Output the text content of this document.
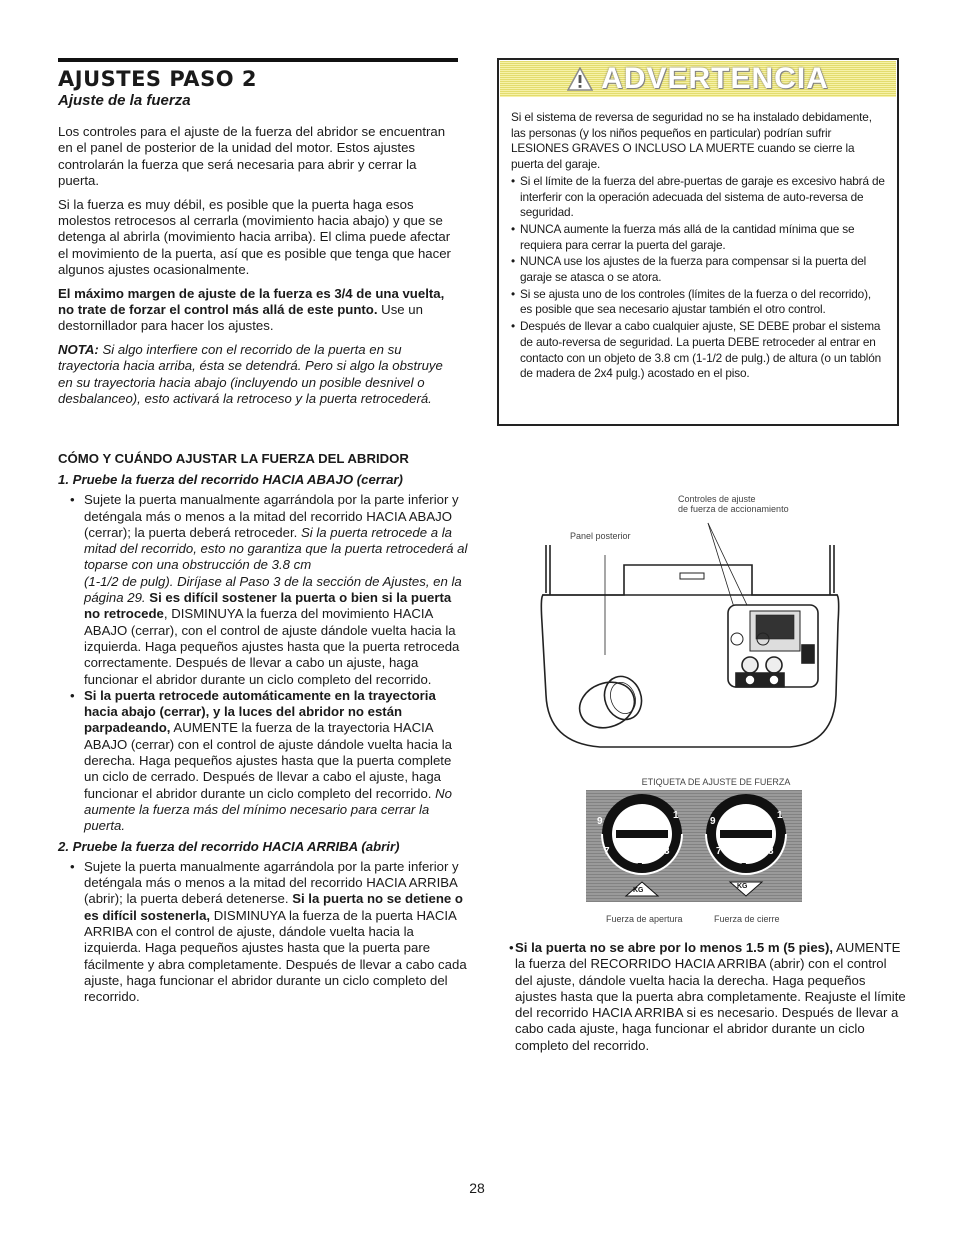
AJUSTES PASO 2
Ajuste de la fuerza

Los controles para el ajuste de la fuerza del abridor se encuentran en el panel de posterior de la unidad del motor. Estos ajustes controlarán la fuerza que será necesaria para abrir y cerrar la puerta.

Si la fuerza es muy débil, es posible que la puerta haga esos molestos retrocesos al cerrarla (movimiento hacia abajo) y que se detenga al abrirla (movimiento hacia arriba). El clima puede afectar el movimiento de la puerta, así que es posible que tenga que hacer algunos ajustes ocasionalmente.

El máximo margen de ajuste de la fuerza es 3/4 de una vuelta, no trate de forzar el control más allá de este punto. Use un destornillador para hacer los ajustes.

NOTA: Si algo interfiere con el recorrido de la puerta en su trayectoria hacia arriba, ésta se detendrá. Pero si algo la obstruye en su trayectoria hacia abajo (incluyendo un posible desnivel o desbalanceo), esto activará la retroceso y la puerta retrocederá.

ADVERTENCIA
Si el sistema de reversa de seguridad no se ha instalado debidamente, las personas (y los niños pequeños en particular) podrían sufrir LESIONES GRAVES O INCLUSO LA MUERTE cuando se cierre la puerta del garaje.
• Si el límite de la fuerza del abre-puertas de garaje es excesivo habrá de interferir con la operación adecuada del sistema de auto-reversa de seguridad.
• NUNCA aumente la fuerza más allá de la cantidad mínima que se requiera para cerrar la puerta del garaje.
• NUNCA use los ajustes de la fuerza para compensar si la puerta del garaje se atasca o se atora.
• Si se ajusta uno de los controles (límites de la fuerza o del recorrido), es posible que sea necesario ajustar también el otro control.
• Después de llevar a cabo cualquier ajuste, SE DEBE probar el sistema de auto-reversa de seguridad. La puerta DEBE retroceder al entrar en contacto con un objeto de 3.8 cm (1-1/2 de pulg.) de altura (o un tablón de madera de 2x4 pulg.) acostado en el piso.
CÓMO Y CUÁNDO AJUSTAR LA FUERZA DEL ABRIDOR
1. Pruebe la fuerza del recorrido HACIA ABAJO (cerrar)
• Sujete la puerta manualmente agarrándola por la parte inferior y deténgala más o menos a la mitad del recorrido HACIA ABAJO (cerrar); la puerta deberá retroceder. Si la puerta retrocede a la mitad del recorrido, esto no garantiza que la puerta retrocederá al toparse con una obstrucción de 3.8 cm
(1-1/2 de pulg). Diríjase al Paso 3 de la sección de Ajustes, en la página 29. Si es difícil sostener la puerta o bien si la puerta no retrocede, DISMINUYA la fuerza del movimiento HACIA ABAJO (cerrar), con el control de ajuste dándole vuelta hacia la izquierda. Haga pequeños ajustes hasta que la puerta retroceda correctamente. Después de llevar a cabo un ajuste, haga funcionar el abridor durante un ciclo completo del recorrido.
• Si la puerta retrocede automáticamente en la trayectoria hacia abajo (cerrar), y la luces del abridor no están parpadeando, AUMENTE la fuerza de la trayectoria HACIA ABAJO (cerrar) con el control de ajuste dándole vuelta hacia la derecha. Haga pequeños ajustes hasta que la puerta complete un ciclo de cerrado. Después de llevar a cabo el ajuste, haga funcionar el abridor durante un ciclo completo del recorrido. No aumente la fuerza más del mínimo necesario para cerrar la puerta.
2. Pruebe la fuerza del recorrido HACIA ARRIBA (abrir)
• Sujete la puerta manualmente agarrándola por la parte inferior y deténgala más o menos a la mitad del recorrido HACIA ARRIBA (abrir); la puerta deberá detenerse. Si la puerta no se detiene o es difícil sostenerla, DISMINUYA la fuerza de la puerta HACIA ARRIBA con el control de ajuste, dándole vuelta hacia la izquierda. Haga pequeños ajustes hasta que la puerta pare fácilmente y abra completamente. Después de llevar a cabo cada ajuste, haga funcionar el abridor durante un ciclo completo del recorrido.
Controles de ajuste
de fuerza de accionamiento
Panel posterior
ETIQUETA DE AJUSTE DE FUERZA
9
1
7
5
3
9
1
7
5
3
KG
KG
Fuerza de apertura	Fuerza de cierre
• Si la puerta no se abre por lo menos 1.5 m (5 pies), AUMENTE la fuerza del RECORRIDO HACIA ARRIBA (abrir) con el control del ajuste, dándole vuelta hacia la derecha. Haga pequeños ajustes hasta que la puerta abra completamente. Reajuste el límite del recorrido HACIA ARRIBA si es necesario. Después de llevar a cabo cada ajuste, haga funcionar el abridor durante un ciclo completo del recorrido.
28
